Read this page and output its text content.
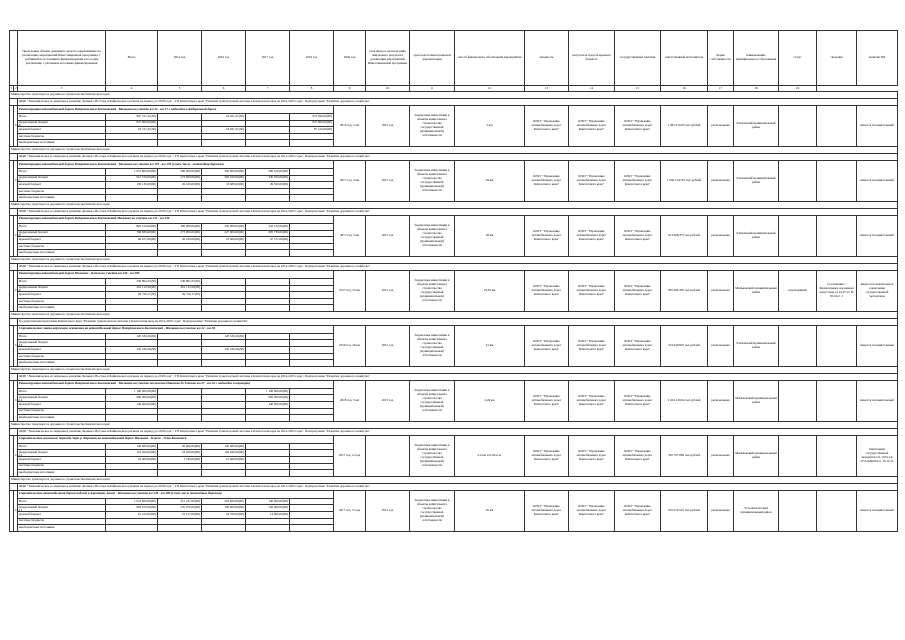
		Предельные объемы денежных средств, направляемые на реализацию мероприятий Инвестиционной программы, с разбивкой по источникам финансирования и по годам реализации, с указанием источника финансирования	Всего	2014 год	2016 год	2017 год	2019 год	2020 год	срок ввода в эксплуатацию ожидаемого результата реализации мероприятий Инвестиционной программы	срок подготовки проектной документации	способ финансового обеспечения мероприятия	мощность	получатель средств краевого бюджета	государственный заказчик	ответственный исполнитель	форма собственности	наименование муниципального образования	статус	сведения	наличие ПД
1	2	3	4	5	6	7	8	9	10	11	12	13	14	15	16	17	18	19		
Министерство транспорта и дорожного строительства Камчатского края																				
		ФЦП "Экономическое и социальное развитие Дальнего Востока и Байкальского региона на период до 2018 года" / ГП Камчатского края "Развитие транспортной системы в Камчатском крае на 2014-2025 годы". Подпрограмма "Развитие дорожного хозяйства"																		
	16.6	Реконструкция автомобильной дороги Петропавловск-Камчатский - Мильково на участке км 12 - км 17 с подъездом к федеральной дороге						2016 год, 1 км	2015 год	бюджетные инвестиции в объекты капитального строительства государственной (муниципальной) собственности	5 км	КГКУ "Управление автомобильных дорог Камчатского края"	КГКУ "Управление автомобильных дорог Камчатского края"	КГКУ "Управление автомобильных дорог Камчатского края"	1 965 270,00 тыс.рублей	региональная	Елизовский муниципальный район			имеется положительный
		Всего	997 511,31(50)		24 921,31(50)		972 590,00(00)													
		федеральный бюджет	975 000,00(00)				975 000,00(00)													
		краевой бюджет	22 511,31(50)		24 921,31(50)		97 410,00(00)													
		местные бюджеты																		
		внебюджетные источники																		
Министерство транспорта и дорожного строительства Камчатского края																				
		ФЦП "Экономическое и социальное развитие Дальнего Востока и Байкальского региона на период до 2018 года" / ГП Камчатского края "Развитие транспортной системы в Камчатском крае на 2014-2025 годы". Подпрограмма "Развитие дорожного хозяйства"																		
	16.7	Реконструкция автомобильной дороги Петропавловск-Камчатский - Мильково на участке км 155 - км 176 (в том числе - пешеходная дорожка)						2017 год, 5 км	2015 год	бюджетные инвестиции в объекты капитального строительства государственной (муниципальной) собственности	29 км	КГКУ "Управление автомобильных дорог Камчатского края"	КГКУ "Управление автомобильных дорог Камчатского края"	КГКУ "Управление автомобильных дорог Камчатского края"	1 956 124,763 тыс.рублей	региональная	Елизовский муниципальный район			имеется положительный
		Всего	1 051 800,00(00)	300 000,00(00)	350 900,00(00)	390 100,00(00)														
		федеральный бюджет	921 570,00(00)	273 900,00(00)	302 220,00(00)	345 950,00(00)														
		краевой бюджет	130 130,00(00)	26 100,00(00)	33 680,00(00)	49 350,00(00)														
		местные бюджеты																		
		внебюджетные источники																		
Министерство транспорта и дорожного строительства Камчатского края																				
		ФЦП "Экономическое и социальное развитие Дальнего Востока и Байкальского региона на период до 2018 года" / ГП Камчатского края "Развитие транспортной системы в Камчатском крае на 2014-2025 годы". Подпрограмма "Развитие дорожного хозяйства"																		
	16.8	Реконструкция автомобильной дороги Петропавловск-Камчатский-Мильково на участке км 211 - км 249						2017 год, 5 км	2015 год	бюджетные инвестиции в объекты капитального строительства государственной (муниципальной) собственности	38 км	КГКУ "Управление автомобильных дорог Камчатского края"	КГКУ "Управление автомобильных дорог Камчатского края"	КГКУ "Управление автомобильных дорог Камчатского края"	913 968,375 тыс.рублей	региональная	Елизовский муниципальный район			имеется положительный
		Всего	893 510,00(00)	300 000,00(00)	250 000,00(00)	343 510,00(00)														
		федеральный бюджет	796 839,00(00)	273 900,00(00)	227 000,00(00)	305 739,00(00)														
		краевой бюджет	96 671,00(00)	26 100,00(00)	23 000,00(00)	47 571,00(00)														
		местные бюджеты																		
		внебюджетные источники																		
Министерство транспорта и дорожного строительства Камчатского края																				
		ФЦП "Экономическое и социальное развитие Дальнего Востока и Байкальского региона на период до 2018 года" / ГП Камчатского края "Развитие транспортной системы в Камчатском крае на 2014-2025 годы". Подпрограмма "Развитие дорожного хозяйства"																		
	16.9	Реконструкция автомобильной дороги Мильково - Ключи на участке км 249 - км 289						2017 год, 25 км	2015 год	бюджетные инвестиции в объекты капитального строительства государственной (муниципальной) собственности	19,50 км	КГКУ "Управление автомобильных дорог Камчатского края"	КГКУ "Управление автомобильных дорог Камчатского края"	КГКУ "Управление автомобильных дорог Камчатского края"	835 480,395 тыс.рублей	региональная	Мильковский муниципальный район	переходящий	Соглашение с Федеральным дорожным агентством от 24.07.15 № 05-04-Г-1	имеется положительное заключение государственной экспертизы
		Всего	230 862,25(50)	230 862,25(50)																
		федеральный бюджет	201 112,50(00)	201 112,50(00)																
		краевой бюджет	29 750,17(50)	29 750,17(50)																
		местные бюджеты																		
		внебюджетные источники																		
Министерство транспорта и дорожного строительства Камчатского края																				
		Государственная программа Камчатского края "Развитие транспортной системы в Камчатском крае на 2014-2025 годы". Подпрограмма "Развитие дорожного хозяйства"																		
	16.10	Строительство линии наружного освещения на автомобильной дороге Петропавловск-Камчатский - Мильково на участке км 12 - км 38						2016 год, 26 км	2015 год	бюджетные инвестиции в объекты капитального строительства государственной (муниципальной) собственности	12 км	КГКУ "Управление автомобильных дорог Камчатского края"	КГКУ "Управление автомобильных дорог Камчатского края"	КГКУ "Управление автомобильных дорог Камчатского края"	103 940,825 тыс.рублей	региональная	Елизовский муниципальный район			имеется положительный
		Всего	120 330,26(50)		120 330,26(50)															
		федеральный бюджет																		
		краевой бюджет	120 330,26(50)		120 330,26(50)															
		местные бюджеты																		
		внебюджетные источники																		
Министерство транспорта и дорожного строительства Камчатского края																				
		ФЦП "Экономическое и социальное развитие Дальнего Востока и Байкальского региона на период до 2018 года" / ГП Камчатского края "Развитие транспортной системы в Камчатском крае на 2014-2025 годы". Подпрограмма "Развитие дорожного хозяйства"																		
	16.11	Реконструкция автомобильной дороги Петропавловск-Камчатский - Мильково на участке от поселка Пиначево до Елизово км 27 - км 29 с подъездом к аэропорту						2018 год, 5 км	2015 год	бюджетные инвестиции в объекты капитального строительства государственной (муниципальной) собственности	2,49 км	КГКУ "Управление автомобильных дорог Камчатского края"	КГКУ "Управление автомобильных дорог Камчатского края"	КГКУ "Управление автомобильных дорог Камчатского края"	2 024 120,94 тыс.рублей	региональная	Мильковский муниципальный район			имеется положительный
		Всего	1 100 000,00(00)			1 100 000,00(00)														
		федеральный бюджет	960 000,00(00)			960 000,00(00)														
		краевой бюджет	140 000,00(00)			140 000,00(00)														
		местные бюджеты																		
		внебюджетные источники																		
Министерство транспорта и дорожного строительства Камчатского края																				
		ФЦП "Экономическое и социальное развитие Дальнего Востока и Байкальского региона на период до 2018 года" / ГП Камчатского края "Развитие транспортной системы в Камчатском крае на 2014-2025 годы". Подпрограмма "Развитие дорожного хозяйства"																		
	16.12	Строительство мостового перехода через р. Кирганик на автомобильной дороге Мильково - Ключи - Усть-Камчатск						2015 год, 2 года		бюджетные инвестиции в объекты капитального строительства государственной (муниципальной) собственности	2,2 км 121,06 п.м.	КГКУ "Управление автомобильных дорог Камчатского края"	КГКУ "Управление автомобильных дорог Камчатского края"	КГКУ "Управление автомобильных дорог Камчатского края"	336 707,809 тыс.рублей	региональная	Мильковский муниципальный район			Заключение государственной экспертизы № 1374-14/ГГЭ-9299/04 от 19.12.14
		Всего	146 600,00(00)	20 000,00(00)	126 600,00(00)															
		федеральный бюджет	123 200,00(00)	18 260,00(00)	104 940,00(00)															
		краевой бюджет	23 400,00(00)	1 740,00(00)	21 660,00(00)															
		местные бюджеты																		
		внебюджетные источники																		
Министерство транспорта и дорожного строительства Камчатского края																				
		ФЦП "Экономическое и социальное развитие Дальнего Востока и Байкальского региона на период до 2018 года" / ГП Камчатского края "Развитие транспортной системы в Камчатском крае на 2014-2025 годы". Подпрограмма "Развитие дорожного хозяйства"																		
	16.13	Строительство автомобильной дороги подъезд к Аэропорту Апача - Мильково на участке км 249 - км 289 (в том числе пешеходные дорожки)						2017 год, 5 года	2015 год	бюджетные инвестиции в объекты капитального строительства государственной (муниципальной) собственности	30 км	КГКУ "Управление автомобильных дорог Камчатского края"	КГКУ "Управление автомобильных дорог Камчатского края"	КГКУ "Управление автомобильных дорог Камчатского края"	679 270,525 тыс.рублей	региональная	Усть-Камчатский муниципальный район			имеется положительный
		Всего	1 074 000,00(00)	251 227,00(00)	224 600,00(00)	140 000,00(00)														
		федеральный бюджет	983 670,00(00)	235 070,00(00)	199 900,00(00)	126 000,00(00)														
		краевой бюджет	61 412,00(00)	16 157,00(00)	24 700,00(00)	14 000,00(00)														
		местные бюджеты																		
		внебюджетные источники																		
